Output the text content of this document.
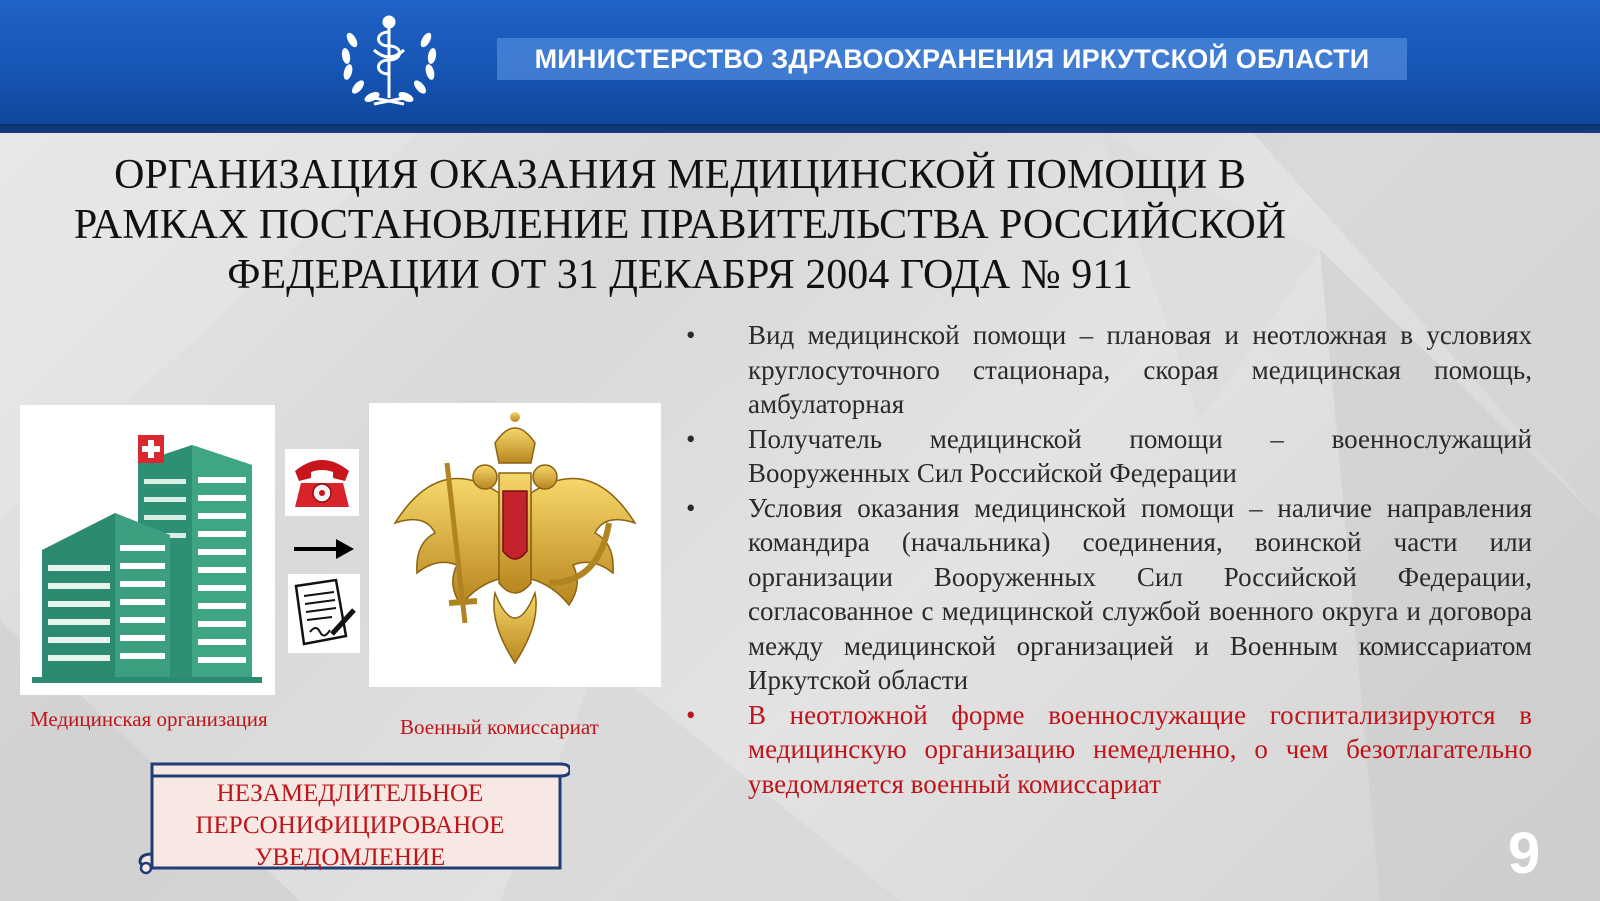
МИНИСТЕРСТВО ЗДРАВООХРАНЕНИЯ ИРКУТСКОЙ ОБЛАСТИ
ОРГАНИЗАЦИЯ ОКАЗАНИЯ МЕДИЦИНСКОЙ ПОМОЩИ В
РАМКАХ ПОСТАНОВЛЕНИЕ ПРАВИТЕЛЬСТВА РОССИЙСКОЙ
ФЕДЕРАЦИИ ОТ 31 ДЕКАБРЯ 2004 ГОДА № 911
Медицинская организация	Военный комиссариат
НЕЗАМЕДЛИТЕЛЬНОЕ
ПЕРСОНИФИЦИРОВАНОЕ
УВЕДОМЛЕНИЕ
• Вид медицинской помощи – плановая и неотложная в условиях круглосуточного стационара, скорая медицинская помощь, амбулаторная
• Получатель медицинской помощи – военнослужащий Вооруженных Сил Российской Федерации
• Условия оказания медицинской помощи – наличие направления командира (начальника) соединения, воинской части или организации Вооруженных Сил Российской Федерации, согласованное с медицинской службой военного округа и договора между медицинской организацией и Военным комиссариатом Иркутской области
• В неотложной форме военнослужащие госпитализируются в медицинскую организацию немедленно, о чем безотлагательно уведомляется военный комиссариат
9
